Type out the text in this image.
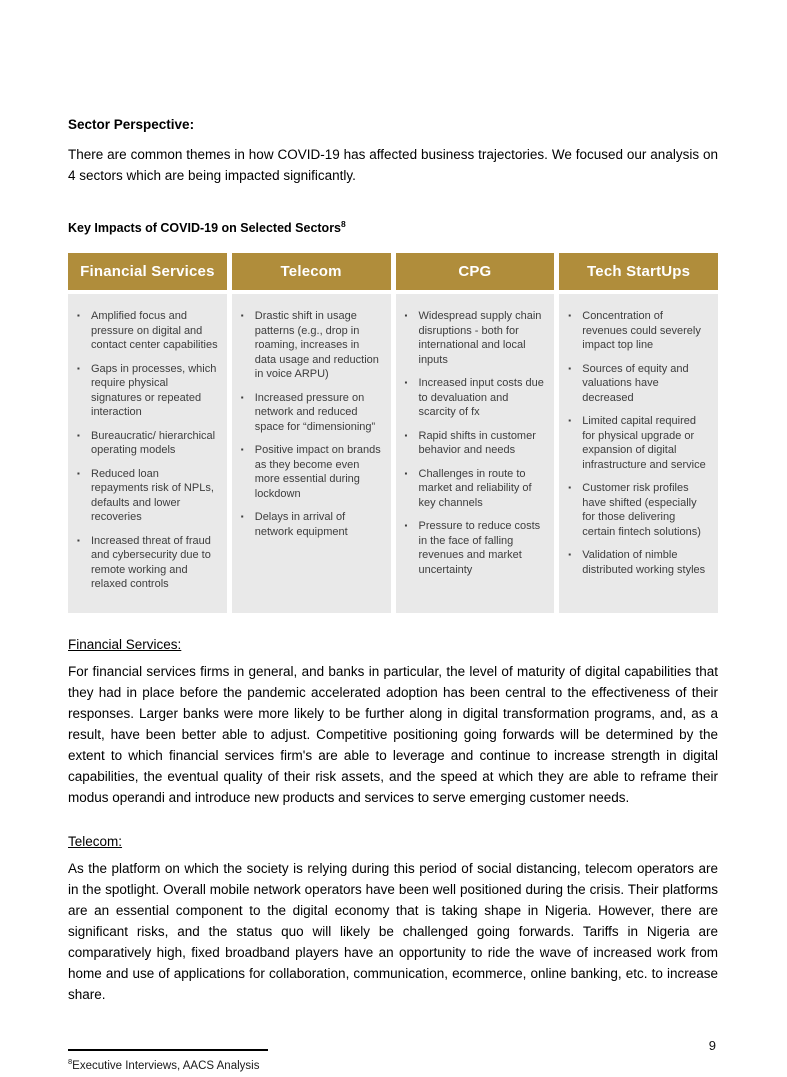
Sector Perspective:

There are common themes in how COVID-19 has affected business trajectories. We focused our analysis on 4 sectors which are being impacted significantly.

Key Impacts of COVID-19 on Selected Sectors$^8$
Financial Services
▪ Amplified focus and pressure on digital and contact center capabilities
▪ Gaps in processes, which require physical signatures or repeated interaction
▪ Bureaucratic/ hierarchical operating models
▪ Reduced loan repayments risk of NPLs, defaults and lower recoveries
▪ Increased threat of fraud and cybersecurity due to remote working and relaxed controls
Telecom
▪ Drastic shift in usage patterns (e.g., drop in roaming, increases in data usage and reduction in voice ARPU)
▪ Increased pressure on network and reduced space for “dimensioning”
▪ Positive impact on brands as they become even more essential during lockdown
▪ Delays in arrival of network equipment
CPG
▪ Widespread supply chain disruptions - both for international and local inputs
▪ Increased input costs due to devaluation and scarcity of fx
▪ Rapid shifts in customer behavior and needs
▪ Challenges in route to market and reliability of key channels
▪ Pressure to reduce costs in the face of falling revenues and market uncertainty
Tech StartUps
▪ Concentration of revenues could severely impact top line
▪ Sources of equity and valuations have decreased
▪ Limited capital required for physical upgrade or expansion of digital infrastructure and service
▪ Customer risk profiles have shifted (especially for those delivering certain fintech solutions)
▪ Validation of nimble distributed working styles
Financial Services:

For financial services firms in general, and banks in particular, the level of maturity of digital capabilities that they had in place before the pandemic accelerated adoption has been central to the effectiveness of their responses. Larger banks were more likely to be further along in digital transformation programs, and, as a result, have been better able to adjust. Competitive positioning going forwards will be determined by the extent to which financial services firm's are able to leverage and continue to increase strength in digital capabilities, the eventual quality of their risk assets, and the speed at which they are able to reframe their modus operandi and introduce new products and services to serve emerging customer needs.

Telecom:

As the platform on which the society is relying during this period of social distancing, telecom operators are in the spotlight. Overall mobile network operators have been well positioned during the crisis. Their platforms are an essential component to the digital economy that is taking shape in Nigeria. However, there are significant risks, and the status quo will likely be challenged going forwards. Tariffs in Nigeria are comparatively high, fixed broadband players have an opportunity to ride the wave of increased work from home and use of applications for collaboration, communication, ecommerce, online banking, etc. to increase share.

$^8$Executive Interviews, AACS Analysis
9
